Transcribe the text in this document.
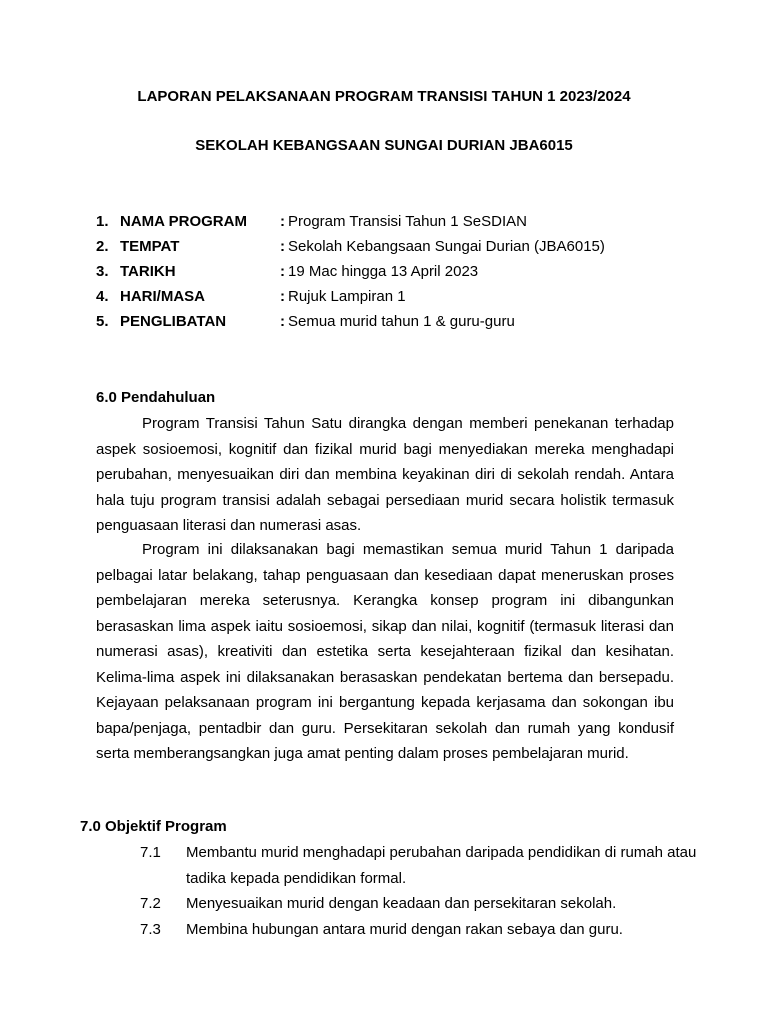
LAPORAN PELAKSANAAN PROGRAM TRANSISI TAHUN 1 2023/2024
SEKOLAH KEBANGSAAN SUNGAI DURIAN JBA6015
1. NAMA PROGRAM : Program Transisi Tahun 1 SeSDIAN
2. TEMPAT	: Sekolah Kebangsaan Sungai Durian (JBA6015)
3. TARIKH	: 19 Mac hingga 13 April 2023
4. HARI/MASA	: Rujuk Lampiran 1
5. PENGLIBATAN	: Semua murid tahun 1 & guru-guru
6.0 Pendahuluan

Program Transisi Tahun Satu dirangka dengan memberi penekanan terhadap aspek sosioemosi, kognitif dan fizikal murid bagi menyediakan mereka menghadapi perubahan, menyesuaikan diri dan membina keyakinan diri di sekolah rendah. Antara hala tuju program transisi adalah sebagai persediaan murid secara holistik termasuk penguasaan literasi dan numerasi asas.

Program ini dilaksanakan bagi memastikan semua murid Tahun 1 daripada pelbagai latar belakang, tahap penguasaan dan kesediaan dapat meneruskan proses pembelajaran mereka seterusnya. Kerangka konsep program ini dibangunkan berasaskan lima aspek iaitu sosioemosi, sikap dan nilai, kognitif (termasuk literasi dan numerasi asas), kreativiti dan estetika serta kesejahteraan fizikal dan kesihatan. Kelima-lima aspek ini dilaksanakan berasaskan pendekatan bertema dan bersepadu. Kejayaan pelaksanaan program ini bergantung kepada kerjasama dan sokongan ibu bapa/penjaga, pentadbir dan guru. Persekitaran sekolah dan rumah yang kondusif serta memberangsangkan juga amat penting dalam proses pembelajaran murid.

7.0 Objektif Program
7.1 Membantu murid menghadapi perubahan daripada pendidikan di rumah atau tadika kepada pendidikan formal.
7.2 Menyesuaikan murid dengan keadaan dan persekitaran sekolah.
7.3 Membina hubungan antara murid dengan rakan sebaya dan guru.
